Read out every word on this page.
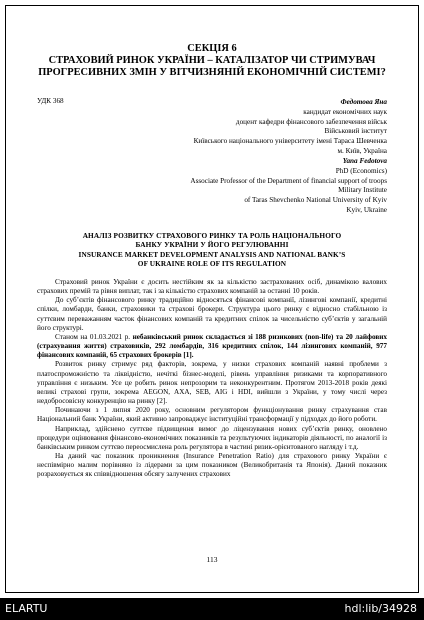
СЕКЦІЯ 6
СТРАХОВИЙ РИНОК УКРАЇНИ – КАТАЛІЗАТОР ЧИ СТРИМУВАЧ
ПРОГРЕСИВНИХ ЗМІН У ВІТЧИЗНЯНІЙ ЕКОНОМІЧНІЙ СИСТЕМІ?
УДК 368	Федотова Яна
кандидат економічних наук
доцент кафедри фінансового забезпечення військ
Військовий інститут
Київського національного університету імені Тараса Шевченка
м. Київ, Україна
Yana Fedotova
PhD (Economics)
Associate Professor of the Department of financial support of troops
Military Institute
of Taras Shevchenko National University of Kyiv
Kyiv, Ukraine
АНАЛІЗ РОЗВИТКУ СТРАХОВОГО РИНКУ ТА РОЛЬ НАЦІОНАЛЬНОГО
БАНКУ УКРАЇНИ У ЙОГО РЕГУЛЮВАННІ
INSURANCE MARKET DEVELOPMENT ANALYSIS AND NATIONAL BANK’S
OF UKRAINE ROLE OF ITS REGULATION

Страховий ринок України є досить нестійким як за кількістю застрахованих осіб, динамікою валових страхових премій та рівня виплат, так і за кількістю страхових компаній за останні 10 років.

До суб’єктів фінансового ринку традиційно відносяться фінансові компанії, лізингові компанії, кредитні спілки, ломбарди, банки, страховики та страхові брокери. Структура цього ринку є відносно стабільною із суттєвим переважанням часток фінансових компаній та кредитних спілок за чисельністю суб’єктів у загальній його структурі.

Станом на 01.03.2021 р. небанківський ринок складається зі 188 ризикових (non-life) та 20 лайфових (страхування життя) страховиків, 292 ломбардів, 316 кредитних спілок, 144 лізингових компаній, 977 фінансових компаній, 65 страхових брокерів [1].

Розвиток ринку стримує ряд факторів, зокрема, у низки страхових компаній наявні проблеми з платоспроможністю та ліквідністю, нечіткі бізнес-моделі, рівень управління ризиками та корпоративного управління є низьким. Усе це робить ринок непрозорим та неконкурентним. Протягом 2013-2018 років деякі великі страхові групи, зокрема AEGON, AXA, SEB, AIG і HDI, вийшли з України, у тому числі через недобросовісну конкуренцію на ринку [2].

Починаючи з 1 липня 2020 року, основним регулятором функціонування ринку страхування став Національний банк України, який активно запроваджує інституційні трансформації у підходах до його роботи.

Наприклад, здійснено суттєве підвищення вимог до ліцензування нових суб’єктів ринку, оновлено процедури оцінювання фінансово-економічних показників та результуючих індикаторів діяльності, по аналогії із банківським ринком суттєво переосмислена роль регулятора в частині ризик-орієнтованого нагляду і т.д.

На даний час показник проникнення (Insurance Penetration Ratio) для страхового ринку України є неспівмірно малим порівняно із лідерами за цим показником (Великобританія та Японія). Даний показник розраховується як співвідношення обсягу залучених страхових

113
ELARTU	hdl:lib/34928
